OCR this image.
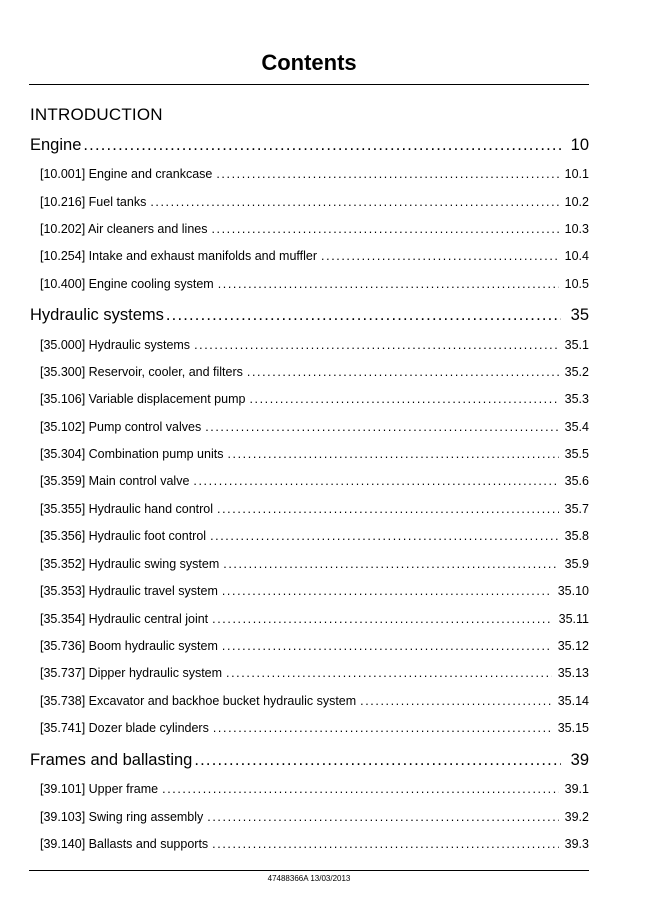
Contents
INTRODUCTION
Engine .....	10
[10.001] Engine and crankcase .....	10.1
[10.216] Fuel tanks .....	10.2
[10.202] Air cleaners and lines .....	10.3
[10.254] Intake and exhaust manifolds and muffler .....	10.4
[10.400] Engine cooling system .....	10.5
Hydraulic systems .....	35
[35.000] Hydraulic systems .....	35.1
[35.300] Reservoir, cooler, and filters .....	35.2
[35.106] Variable displacement pump .....	35.3
[35.102] Pump control valves .....	35.4
[35.304] Combination pump units .....	35.5
[35.359] Main control valve .....	35.6
[35.355] Hydraulic hand control .....	35.7
[35.356] Hydraulic foot control .....	35.8
[35.352] Hydraulic swing system .....	35.9
[35.353] Hydraulic travel system .....	35.10
[35.354] Hydraulic central joint .....	35.11
[35.736] Boom hydraulic system .....	35.12
[35.737] Dipper hydraulic system .....	35.13
[35.738] Excavator and backhoe bucket hydraulic system .....	35.14
[35.741] Dozer blade cylinders .....	35.15
Frames and ballasting .....	39
[39.101] Upper frame .....	39.1
[39.103] Swing ring assembly .....	39.2
[39.140] Ballasts and supports .....	39.3
47488366A 13/03/2013
